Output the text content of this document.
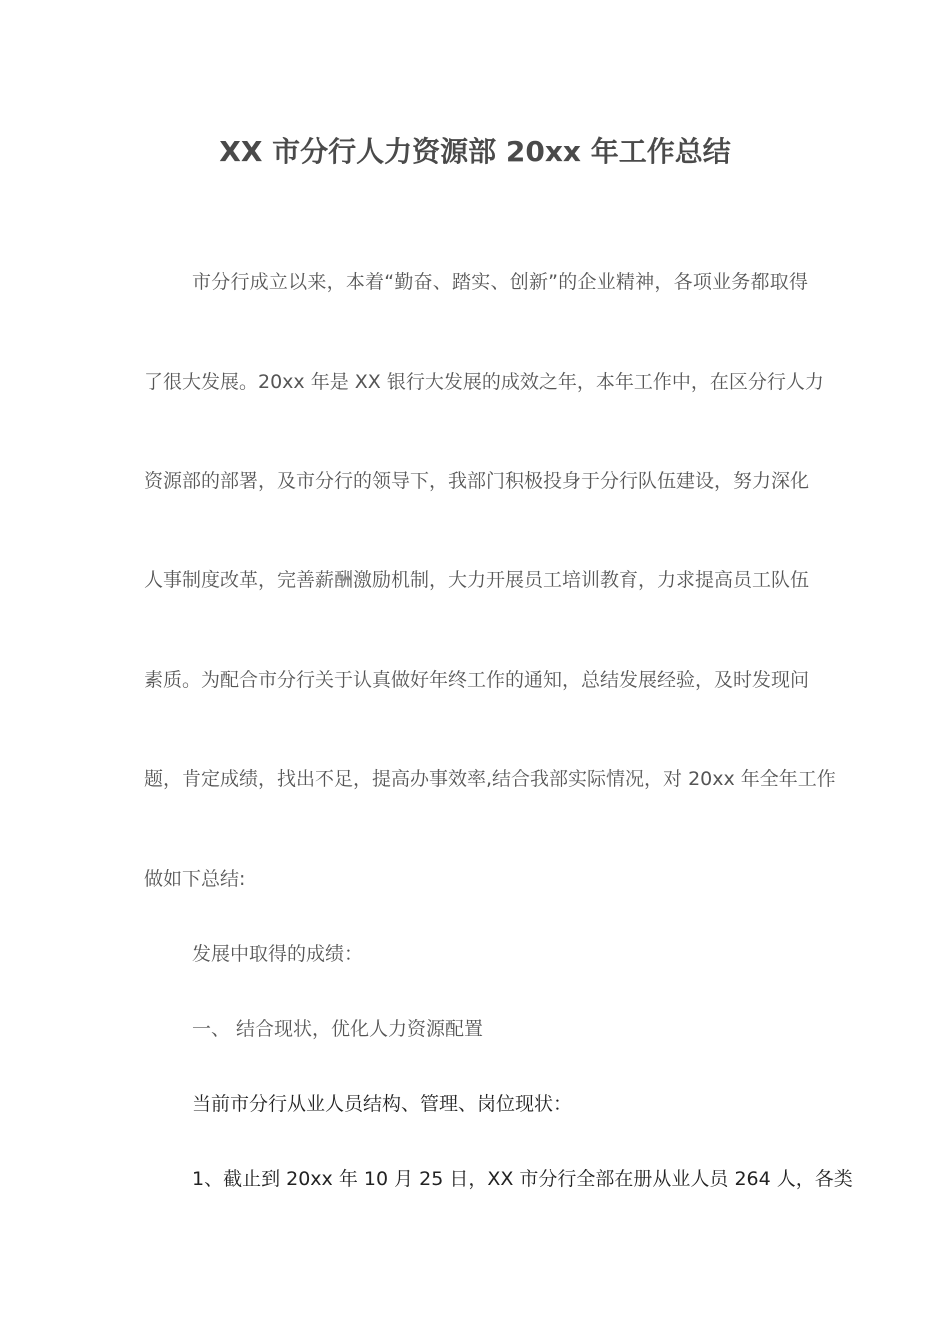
XX 市分行人力资源部 20xx 年工作总结
市分行成立以来，本着“勤奋、踏实、创新”的企业精神，各项业务都取得
了很大发展。20xx 年是 XX 银行大发展的成效之年，本年工作中，在区分行人力
资源部的部署，及市分行的领导下，我部门积极投身于分行队伍建设，努力深化
人事制度改革，完善薪酬激励机制，大力开展员工培训教育，力求提高员工队伍
素质。为配合市分行关于认真做好年终工作的通知，总结发展经验，及时发现问
题，肯定成绩，找出不足，提高办事效率,结合我部实际情况，对 20xx 年全年工作
做如下总结:
发展中取得的成绩：
一、 结合现状，优化人力资源配置
当前市分行从业人员结构、管理、岗位现状：
1、截止到 20xx 年 10 月 25 日，XX 市分行全部在册从业人员 264 人，各类
